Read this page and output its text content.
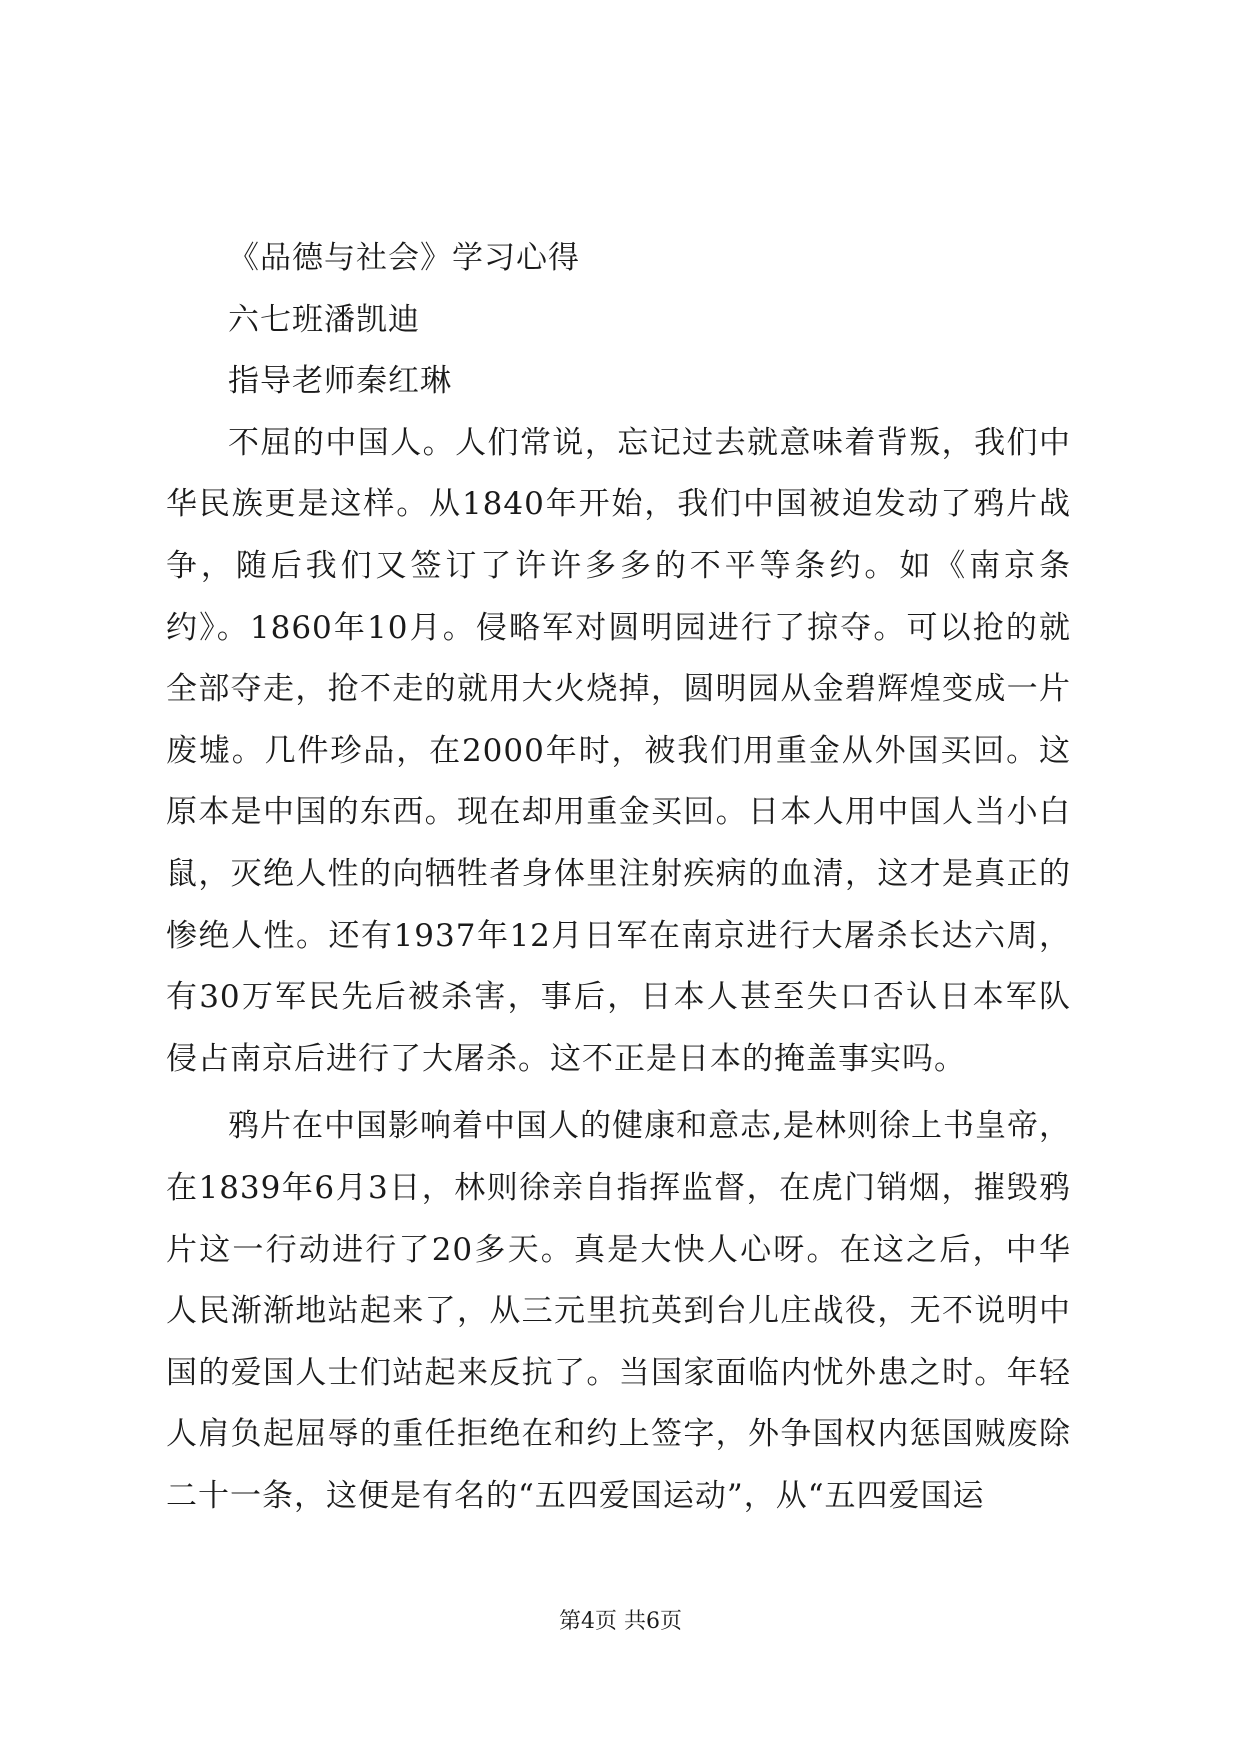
《品德与社会》学习心得
六七班潘凯迪
指导老师秦红琳

不屈的中国人。人们常说，忘记过去就意味着背叛，我们中华民族更是这样。从1840年开始，我们中国被迫发动了鸦片战争，随后我们又签订了许许多多的不平等条约。如《南京条约》。1860年10月。侵略军对圆明园进行了掠夺。可以抢的就全部夺走，抢不走的就用大火烧掉，圆明园从金碧辉煌变成一片废墟。几件珍品，在2000年时，被我们用重金从外国买回。这原本是中国的东西。现在却用重金买回。日本人用中国人当小白鼠，灭绝人性的向牺牲者身体里注射疾病的血清，这才是真正的惨绝人性。还有1937年12月日军在南京进行大屠杀长达六周，有30万军民先后被杀害，事后，日本人甚至失口否认日本军队侵占南京后进行了大屠杀。这不正是日本的掩盖事实吗。

鸦片在中国影响着中国人的健康和意志,是林则徐上书皇帝，在1839年6月3日，林则徐亲自指挥监督，在虎门销烟，摧毁鸦片这一行动进行了20多天。真是大快人心呀。在这之后，中华人民渐渐地站起来了，从三元里抗英到台儿庄战役，无不说明中国的爱国人士们站起来反抗了。当国家面临内忧外患之时。年轻人肩负起屈辱的重任拒绝在和约上签字，外争国权内惩国贼废除二十一条，这便是有名的“五四爱国运动”，从“五四爱国运

第4页 共6页
